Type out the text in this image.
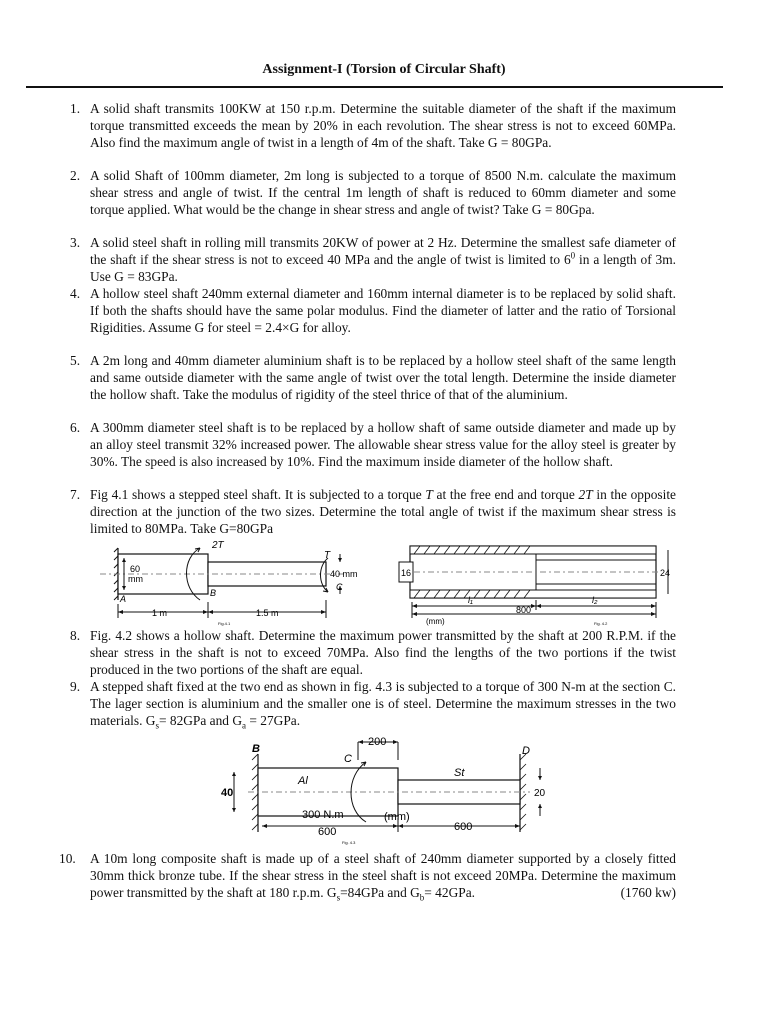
Assignment-I (Torsion of Circular Shaft)

1. A solid shaft transmits 100KW at 150 r.p.m. Determine the suitable diameter of the shaft if the maximum torque transmitted exceeds the mean by 20% in each revolution. The shear stress is not to exceed 60MPa. Also find the maximum angle of twist in a length of 4m of the shaft. Take G = 80GPa.

2. A solid Shaft of 100mm diameter, 2m long is subjected to a torque of 8500 N.m. calculate the maximum shear stress and angle of twist. If the central 1m length of shaft is reduced to 60mm diameter and some torque applied. What would be the change in shear stress and angle of twist? Take G = 80Gpa.

3. A solid steel shaft in rolling mill transmits 20KW of power at 2 Hz. Determine the smallest safe diameter of the shaft if the shear stress is not to exceed 40 MPa and the angle of twist is limited to $6^0$ in a length of 3m. Use G = 83GPa.

4. A hollow steel shaft 240mm external diameter and 160mm internal diameter is to be replaced by solid shaft. If both the shafts should have the same polar modulus. Find the diameter of latter and the ratio of Torsional Rigidities. Assume G for steel = 2.4×G for alloy.

5. A 2m long and 40mm diameter aluminium shaft is to be replaced by a hollow steel shaft of the same length and same outside diameter with the same angle of twist over the total length. Determine the inside diameter the hollow shaft. Take the modulus of rigidity of the steel thrice of that of the aluminium.

6. A 300mm diameter steel shaft is to be replaced by a hollow shaft of same outside diameter and made up by an alloy steel transmit 32% increased power. The allowable shear stress value for the alloy steel is greater by 30%. The speed is also increased by 10%. Find the maximum inside diameter of the hollow shaft.

7. Fig 4.1 shows a stepped steel shaft. It is subjected to a torque T at the free end and torque 2T in the opposite direction at the junction of the two sizes. Determine the total angle of twist if the maximum shear stress is limited to 80MPa. Take G=80GPa

2T
T
60
mm	40 mm
A
B
C
1 m	1.5 m
Fig.4.1
16	24
l₁	l₂
800
(mm)	Fig. 4.2

8. Fig. 4.2 shows a hollow shaft. Determine the maximum power transmitted by the shaft at 200 R.P.M. if the shear stress in the shaft is not to exceed 70MPa. Also find the lengths of the two portions if the twist produced in the two portions of the shaft are equal.

9. A stepped shaft fixed at the two end as shown in fig. 4.3 is subjected to a torque of 300 N-m at the section C. The lager section is aluminium and the smaller one is of steel. Determine the maximum stresses in the two materials. $G_s= 82GPa$ and $G_a = 27GPa$.

B
C
D
Al
St
200
40	20
300 N.m	(mm)
600	600
Fig. 4.3

10. A 10m long composite shaft is made up of a steel shaft of 240mm diameter supported by a closely fitted 30mm thick bronze tube. If the shear stress in the steel shaft is not exceed 20MPa. Determine the maximum power transmitted by the shaft at 180 r.p.m. $G_s=84GPa$ and $G_b= 42GPa$.	(1760 kw)
